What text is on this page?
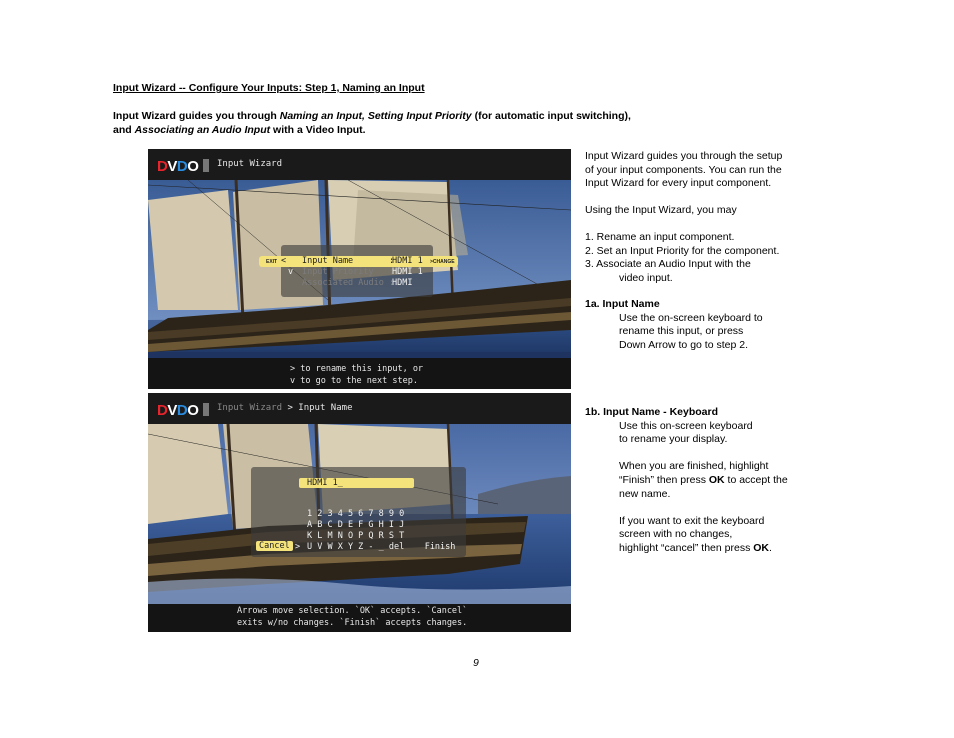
Input Wizard -- Configure Your Inputs: Step 1, Naming an Input
Input Wizard guides you through Naming an Input, Setting Input Priority (for automatic input switching),
and Associating an Audio Input with a Video Input.
DVDO Input Wizard
EXIT < Input Name       :
HDMI 1 >CHANGE
v Input Priority   :
HDMI 1
Associated Audio :
HDMI
> to rename this input, or
v to go to the next step.
DVDO Input Wizard > Input Name
HDMI 1_
1 2 3 4 5 6 7 8 9 0
A B C D E F G H I J
K L M N O P Q R S T
Cancel > U V W X Y Z - _ del    Finish
Arrows move selection. `OK` accepts. `Cancel`
exits w/no changes. `Finish` accepts changes.
Input Wizard guides you through the setup
of your input components. You can run the
Input Wizard for every input component.
Using the Input Wizard, you may
1. Rename an input component.
2. Set an Input Priority for the component.
3. Associate an Audio Input with the
video input.
1a. Input Name
Use the on-screen keyboard to
rename this input, or press
Down Arrow to go to step 2.
1b. Input Name - Keyboard
Use this on-screen keyboard
to rename your display.
When you are finished, highlight
“Finish” then press OK to accept the
new name.
If you want to exit the keyboard
screen with no changes,
highlight “cancel” then press OK.
9
